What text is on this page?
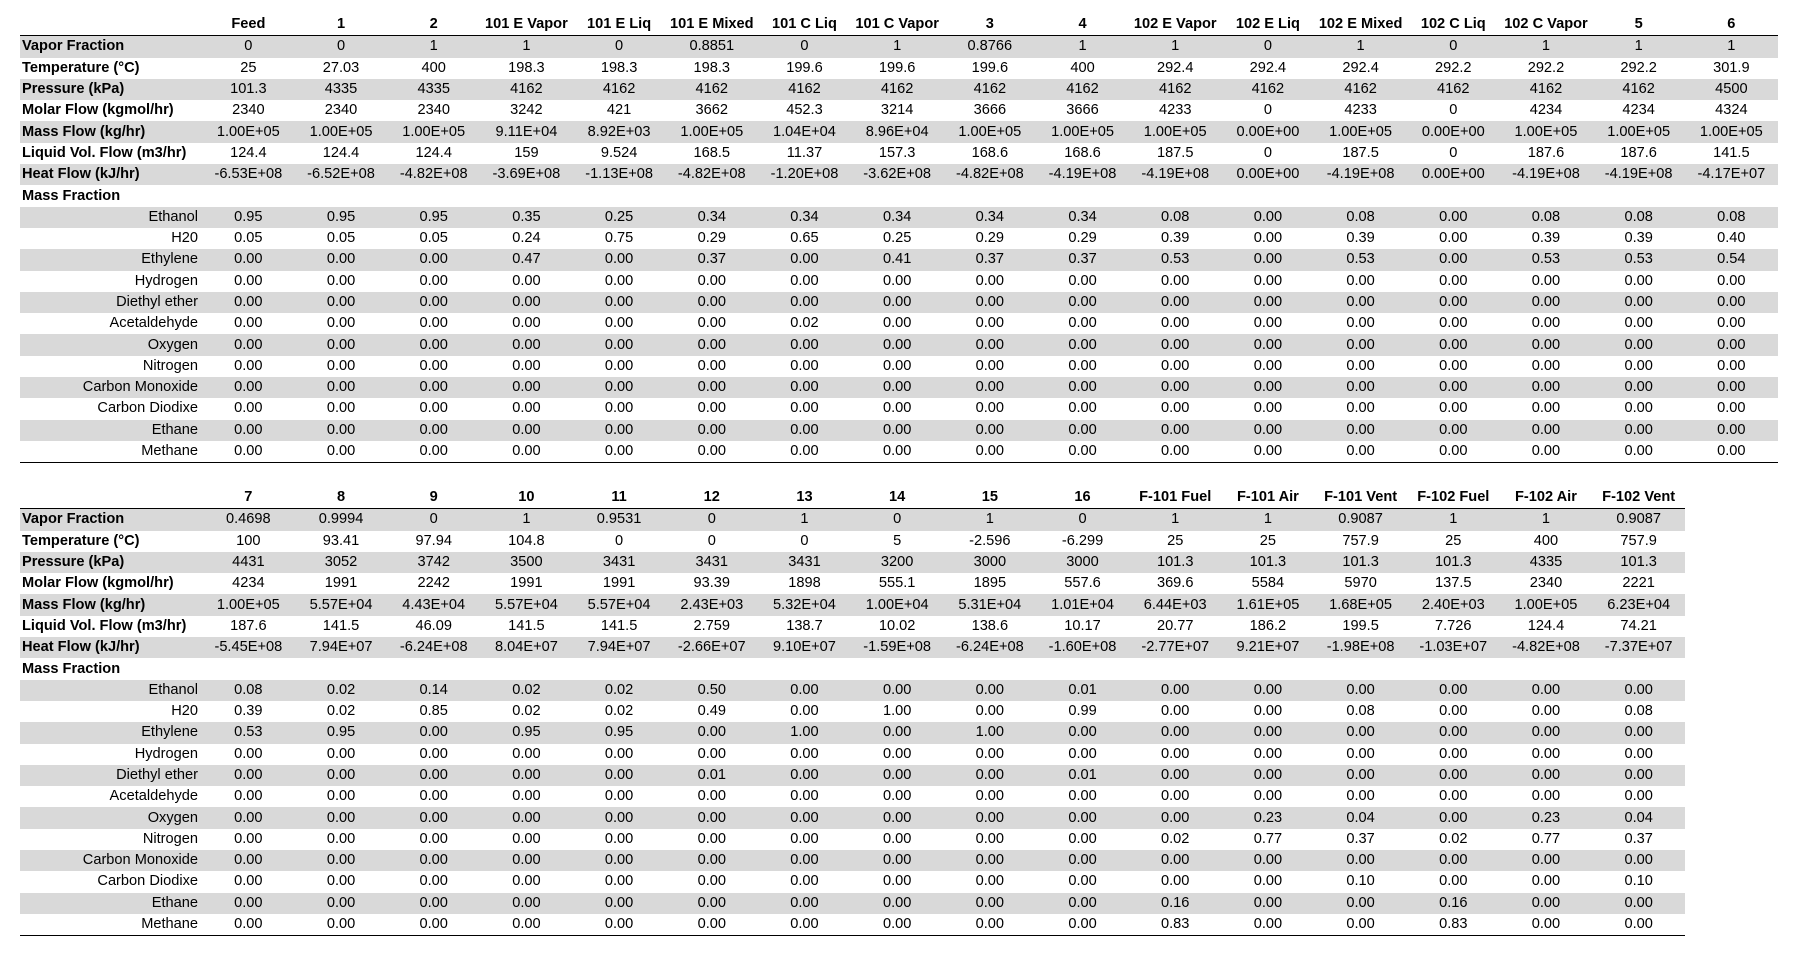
	Feed	1	2	101 E Vapor	101 E Liq	101 E Mixed	101 C Liq	101 C Vapor	3	4	102 E Vapor	102 E Liq	102 E Mixed	102 C Liq	102 C Vapor	5	6
Vapor Fraction	0	0	1	1	0	0.8851	0	1	0.8766	1	1	0	1	0	1	1	1
Temperature (°C)	25	27.03	400	198.3	198.3	198.3	199.6	199.6	199.6	400	292.4	292.4	292.4	292.2	292.2	292.2	301.9
Pressure (kPa)	101.3	4335	4335	4162	4162	4162	4162	4162	4162	4162	4162	4162	4162	4162	4162	4162	4500
Molar Flow (kgmol/hr)	2340	2340	2340	3242	421	3662	452.3	3214	3666	3666	4233	0	4233	0	4234	4234	4324
Mass Flow (kg/hr)	1.00E+05	1.00E+05	1.00E+05	9.11E+04	8.92E+03	1.00E+05	1.04E+04	8.96E+04	1.00E+05	1.00E+05	1.00E+05	0.00E+00	1.00E+05	0.00E+00	1.00E+05	1.00E+05	1.00E+05
Liquid Vol. Flow (m3/hr)	124.4	124.4	124.4	159	9.524	168.5	11.37	157.3	168.6	168.6	187.5	0	187.5	0	187.6	187.6	141.5
Heat Flow (kJ/hr)	-6.53E+08	-6.52E+08	-4.82E+08	-3.69E+08	-1.13E+08	-4.82E+08	-1.20E+08	-3.62E+08	-4.82E+08	-4.19E+08	-4.19E+08	0.00E+00	-4.19E+08	0.00E+00	-4.19E+08	-4.19E+08	-4.17E+07
Mass Fraction																	
Ethanol	0.95	0.95	0.95	0.35	0.25	0.34	0.34	0.34	0.34	0.34	0.08	0.00	0.08	0.00	0.08	0.08	0.08
H20	0.05	0.05	0.05	0.24	0.75	0.29	0.65	0.25	0.29	0.29	0.39	0.00	0.39	0.00	0.39	0.39	0.40
Ethylene	0.00	0.00	0.00	0.47	0.00	0.37	0.00	0.41	0.37	0.37	0.53	0.00	0.53	0.00	0.53	0.53	0.54
Hydrogen	0.00	0.00	0.00	0.00	0.00	0.00	0.00	0.00	0.00	0.00	0.00	0.00	0.00	0.00	0.00	0.00	0.00
Diethyl ether	0.00	0.00	0.00	0.00	0.00	0.00	0.00	0.00	0.00	0.00	0.00	0.00	0.00	0.00	0.00	0.00	0.00
Acetaldehyde	0.00	0.00	0.00	0.00	0.00	0.00	0.02	0.00	0.00	0.00	0.00	0.00	0.00	0.00	0.00	0.00	0.00
Oxygen	0.00	0.00	0.00	0.00	0.00	0.00	0.00	0.00	0.00	0.00	0.00	0.00	0.00	0.00	0.00	0.00	0.00
Nitrogen	0.00	0.00	0.00	0.00	0.00	0.00	0.00	0.00	0.00	0.00	0.00	0.00	0.00	0.00	0.00	0.00	0.00
Carbon Monoxide	0.00	0.00	0.00	0.00	0.00	0.00	0.00	0.00	0.00	0.00	0.00	0.00	0.00	0.00	0.00	0.00	0.00
Carbon Diodixe	0.00	0.00	0.00	0.00	0.00	0.00	0.00	0.00	0.00	0.00	0.00	0.00	0.00	0.00	0.00	0.00	0.00
Ethane	0.00	0.00	0.00	0.00	0.00	0.00	0.00	0.00	0.00	0.00	0.00	0.00	0.00	0.00	0.00	0.00	0.00
Methane	0.00	0.00	0.00	0.00	0.00	0.00	0.00	0.00	0.00	0.00	0.00	0.00	0.00	0.00	0.00	0.00	0.00
	7	8	9	10	11	12	13	14	15	16	F-101 Fuel	F-101 Air	F-101 Vent	F-102 Fuel	F-102 Air	F-102 Vent
Vapor Fraction	0.4698	0.9994	0	1	0.9531	0	1	0	1	0	1	1	0.9087	1	1	0.9087
Temperature (°C)	100	93.41	97.94	104.8	0	0	0	5	-2.596	-6.299	25	25	757.9	25	400	757.9
Pressure (kPa)	4431	3052	3742	3500	3431	3431	3431	3200	3000	3000	101.3	101.3	101.3	101.3	4335	101.3
Molar Flow (kgmol/hr)	4234	1991	2242	1991	1991	93.39	1898	555.1	1895	557.6	369.6	5584	5970	137.5	2340	2221
Mass Flow (kg/hr)	1.00E+05	5.57E+04	4.43E+04	5.57E+04	5.57E+04	2.43E+03	5.32E+04	1.00E+04	5.31E+04	1.01E+04	6.44E+03	1.61E+05	1.68E+05	2.40E+03	1.00E+05	6.23E+04
Liquid Vol. Flow (m3/hr)	187.6	141.5	46.09	141.5	141.5	2.759	138.7	10.02	138.6	10.17	20.77	186.2	199.5	7.726	124.4	74.21
Heat Flow (kJ/hr)	-5.45E+08	7.94E+07	-6.24E+08	8.04E+07	7.94E+07	-2.66E+07	9.10E+07	-1.59E+08	-6.24E+08	-1.60E+08	-2.77E+07	9.21E+07	-1.98E+08	-1.03E+07	-4.82E+08	-7.37E+07
Mass Fraction																
Ethanol	0.08	0.02	0.14	0.02	0.02	0.50	0.00	0.00	0.00	0.01	0.00	0.00	0.00	0.00	0.00	0.00
H20	0.39	0.02	0.85	0.02	0.02	0.49	0.00	1.00	0.00	0.99	0.00	0.00	0.08	0.00	0.00	0.08
Ethylene	0.53	0.95	0.00	0.95	0.95	0.00	1.00	0.00	1.00	0.00	0.00	0.00	0.00	0.00	0.00	0.00
Hydrogen	0.00	0.00	0.00	0.00	0.00	0.00	0.00	0.00	0.00	0.00	0.00	0.00	0.00	0.00	0.00	0.00
Diethyl ether	0.00	0.00	0.00	0.00	0.00	0.01	0.00	0.00	0.00	0.01	0.00	0.00	0.00	0.00	0.00	0.00
Acetaldehyde	0.00	0.00	0.00	0.00	0.00	0.00	0.00	0.00	0.00	0.00	0.00	0.00	0.00	0.00	0.00	0.00
Oxygen	0.00	0.00	0.00	0.00	0.00	0.00	0.00	0.00	0.00	0.00	0.00	0.23	0.04	0.00	0.23	0.04
Nitrogen	0.00	0.00	0.00	0.00	0.00	0.00	0.00	0.00	0.00	0.00	0.02	0.77	0.37	0.02	0.77	0.37
Carbon Monoxide	0.00	0.00	0.00	0.00	0.00	0.00	0.00	0.00	0.00	0.00	0.00	0.00	0.00	0.00	0.00	0.00
Carbon Diodixe	0.00	0.00	0.00	0.00	0.00	0.00	0.00	0.00	0.00	0.00	0.00	0.00	0.10	0.00	0.00	0.10
Ethane	0.00	0.00	0.00	0.00	0.00	0.00	0.00	0.00	0.00	0.00	0.16	0.00	0.00	0.16	0.00	0.00
Methane	0.00	0.00	0.00	0.00	0.00	0.00	0.00	0.00	0.00	0.00	0.83	0.00	0.00	0.83	0.00	0.00
